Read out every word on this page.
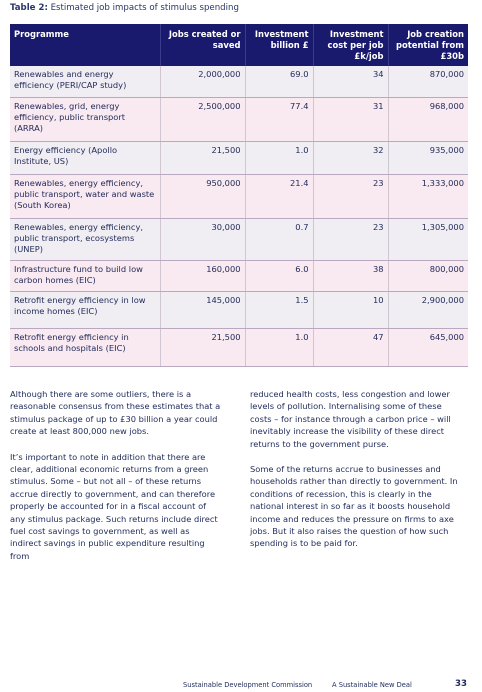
Table 2: Estimated job impacts of stimulus spending
Programme	Jobs created or saved	Investment billion £	Investment cost per job £k/job	Job creation potential from £30b
Renewables and energy efficiency (PERI/CAP study)	2,000,000	69.0	34	870,000
Renewables, grid, energy efficiency, public transport (ARRA)	2,500,000	77.4	31	968,000
Energy efficiency (Apollo Institute, US)	21,500	1.0	32	935,000
Renewables, energy efficiency, public transport, water and waste (South Korea)	950,000	21.4	23	1,333,000
Renewables, energy efficiency, public transport, ecosystems (UNEP)	30,000	0.7	23	1,305,000
Infrastructure fund to build low carbon homes (EIC)	160,000	6.0	38	800,000
Retrofit energy efficiency in low income homes (EIC)	145,000	1.5	10	2,900,000
Retrofit energy efficiency in schools and hospitals (EIC)	21,500	1.0	47	645,000

Although there are some outliers, there is a reasonable consensus from these estimates that a stimulus package of up to £30 billion a year could create at least 800,000 new jobs.

It’s important to note in addition that there are clear, additional economic returns from a green stimulus. Some – but not all – of these returns accrue directly to government, and can therefore properly be accounted for in a fiscal account of any stimulus package. Such returns include direct fuel cost savings to government, as well as indirect savings in public expenditure resulting from

reduced health costs, less congestion and lower levels of pollution. Internalising some of these costs – for instance through a carbon price – will inevitably increase the visibility of these direct returns to the government purse.

Some of the returns accrue to businesses and households rather than directly to government. In conditions of recession, this is clearly in the national interest in so far as it boosts household income and reduces the pressure on firms to axe jobs. But it also raises the question of how such spending is to be paid for.

Sustainable Development Commission	A Sustainable New Deal	33
